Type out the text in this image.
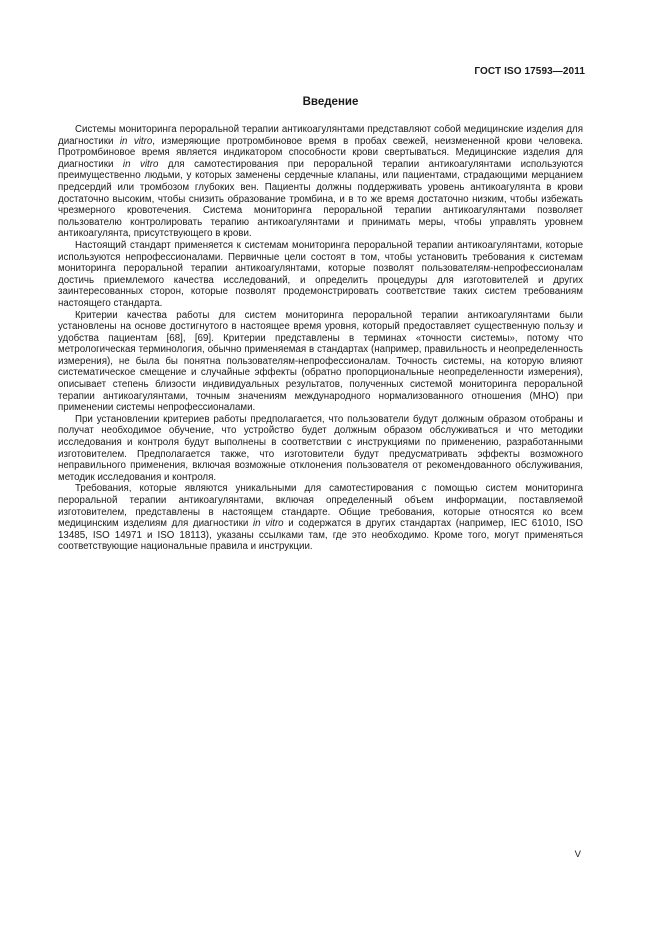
ГОСТ ISO 17593—2011
Введение

Системы мониторинга пероральной терапии антикоагулянтами представляют собой медицинские изделия для диагностики in vitro, измеряющие протромбиновое время в пробах свежей, неизмененной крови человека. Протромбиновое время является индикатором способности крови свертываться. Медицинские изделия для диагностики in vitro для самотестирования при пероральной терапии антикоагулянтами используются преимущественно людьми, у которых заменены сердечные клапаны, или пациентами, страдающими мерцанием предсердий или тромбозом глубоких вен. Пациенты должны поддерживать уровень антикоагулянта в крови достаточно высоким, чтобы снизить образование тромбина, и в то же время достаточно низким, чтобы избежать чрезмерного кровотечения. Система мониторинга пероральной терапии антикоагулянтами позволяет пользователю контролировать терапию антикоагулянтами и принимать меры, чтобы управлять уровнем антикоагулянта, присутствующего в крови.

Настоящий стандарт применяется к системам мониторинга пероральной терапии антикоагулянтами, которые используются непрофессионалами. Первичные цели состоят в том, чтобы установить требования к системам мониторинга пероральной терапии антикоагулянтами, которые позволят пользователям-непрофессионалам достичь приемлемого качества исследований, и определить процедуры для изготовителей и других заинтересованных сторон, которые позволят продемонстрировать соответствие таких систем требованиям настоящего стандарта.

Критерии качества работы для систем мониторинга пероральной терапии антикоагулянтами были установлены на основе достигнутого в настоящее время уровня, который предоставляет существенную пользу и удобства пациентам [68], [69]. Критерии представлены в терминах «точности системы», потому что метрологическая терминология, обычно применяемая в стандартах (например, правильность и неопределенность измерения), не была бы понятна пользователям-непрофессионалам. Точность системы, на которую влияют систематическое смещение и случайные эффекты (обратно пропорциональные неопределенности измерения), описывает степень близости индивидуальных результатов, полученных системой мониторинга пероральной терапии антикоагулянтами, точным значениям международного нормализованного отношения (МНО) при применении системы непрофессионалами.

При установлении критериев работы предполагается, что пользователи будут должным образом отобраны и получат необходимое обучение, что устройство будет должным образом обслуживаться и что методики исследования и контроля будут выполнены в соответствии с инструкциями по применению, разработанными изготовителем. Предполагается также, что изготовители будут предусматривать эффекты возможного неправильного применения, включая возможные отклонения пользователя от рекомендованного обслуживания, методик исследования и контроля.

Требования, которые являются уникальными для самотестирования с помощью систем мониторинга пероральной терапии антикоагулянтами, включая определенный объем информации, поставляемой изготовителем, представлены в настоящем стандарте. Общие требования, которые относятся ко всем медицинским изделиям для диагностики in vitro и содержатся в других стандартах (например, IEC 61010, ISO 13485, ISO 14971 и ISO 18113), указаны ссылками там, где это необходимо. Кроме того, могут применяться соответствующие национальные правила и инструкции.

V
